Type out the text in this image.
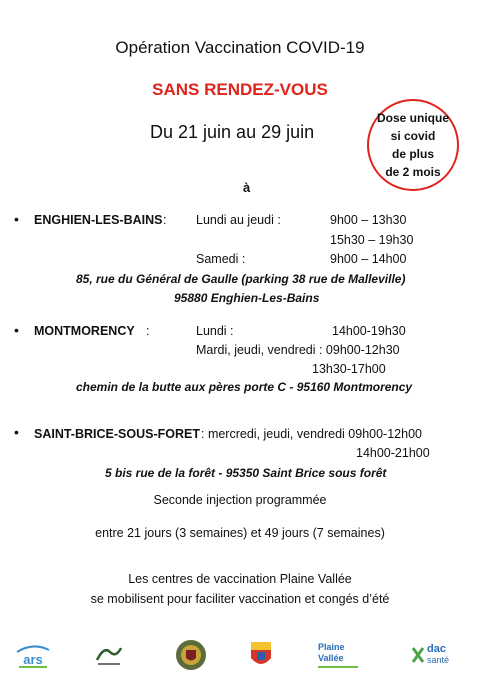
Opération Vaccination COVID-19
SANS RENDEZ-VOUS
Du 21 juin au 29 juin
Dose unique
si covid
de plus
de 2 mois
à
• ENGHIEN-LES-BAINS : Lundi au jeudi :	9h00 – 13h30
15h30 – 19h30
Samedi :	9h00 – 14h00
85, rue du Général de Gaulle (parking 38 rue de Malleville)
95880 Enghien-Les-Bains
• MONTMORENCY :	Lundi :	14h00-19h30
Mardi, jeudi, vendredi : 09h00-12h30
13h30-17h00
chemin de la butte aux pères porte C - 95160 Montmorency
• SAINT-BRICE-SOUS-FORET : mercredi, jeudi, vendredi 09h00-12h00
14h00-21h00
5 bis rue de la forêt - 95350 Saint Brice sous forêt
Seconde injection programmée
entre 21 jours (3 semaines) et 49 jours (7 semaines)
Les centres de vaccination Plaine Vallée
se mobilisent pour faciliter vaccination et congés d’été
ars
Plaine
Vallée
dac
santé
